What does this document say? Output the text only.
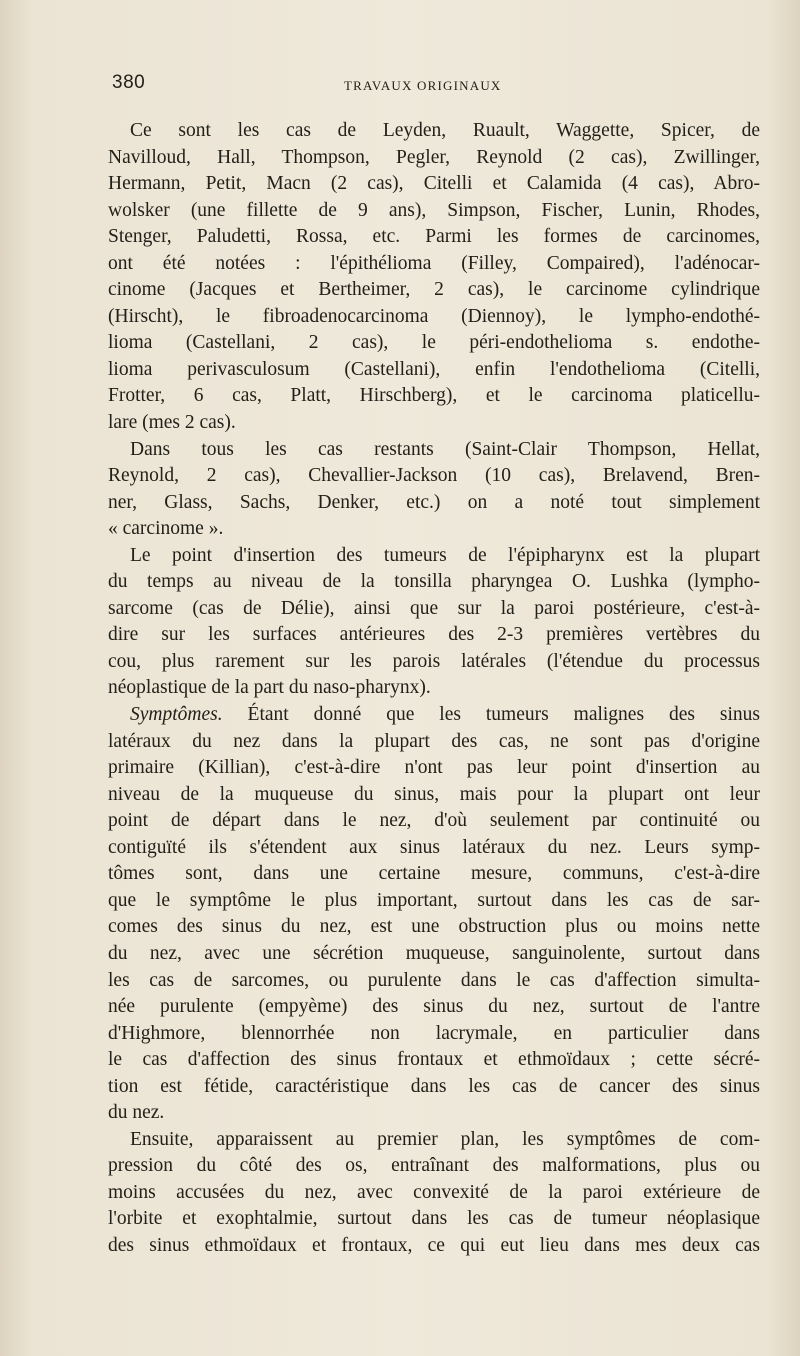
380	TRAVAUX ORIGINAUX
Ce sont les cas de Leyden, Ruault, Waggette, Spicer, de
Navilloud, Hall, Thompson, Pegler, Reynold (2 cas), Zwillinger,
Hermann, Petit, Macn (2 cas), Citelli et Calamida (4 cas), Abro-
wolsker (une fillette de 9 ans), Simpson, Fischer, Lunin, Rhodes,
Stenger, Paludetti, Rossa, etc. Parmi les formes de carcinomes,
ont été notées : l'épithélioma (Filley, Compaired), l'adénocar-
cinome (Jacques et Bertheimer, 2 cas), le carcinome cylindrique
(Hirscht), le fibroadenocarcinoma (Diennoy), le lympho-endothé-
lioma (Castellani, 2 cas), le péri-endothelioma s. endothe-
lioma perivasculosum (Castellani), enfin l'endothelioma (Citelli,
Frotter, 6 cas, Platt, Hirschberg), et le carcinoma platicellu-
lare (mes 2 cas).
Dans tous les cas restants (Saint-Clair Thompson, Hellat,
Reynold, 2 cas), Chevallier-Jackson (10 cas), Brelavend, Bren-
ner, Glass, Sachs, Denker, etc.) on a noté tout simplement
« carcinome ».
Le point d'insertion des tumeurs de l'épipharynx est la plupart
du temps au niveau de la tonsilla pharyngea O. Lushka (lympho-
sarcome (cas de Délie), ainsi que sur la paroi postérieure, c'est-à-
dire sur les surfaces antérieures des 2-3 premières vertèbres du
cou, plus rarement sur les parois latérales (l'étendue du processus
néoplastique de la part du naso-pharynx).
Symptômes. Étant donné que les tumeurs malignes des sinus
latéraux du nez dans la plupart des cas, ne sont pas d'origine
primaire (Killian), c'est-à-dire n'ont pas leur point d'insertion au
niveau de la muqueuse du sinus, mais pour la plupart ont leur
point de départ dans le nez, d'où seulement par continuité ou
contiguïté ils s'étendent aux sinus latéraux du nez. Leurs symp-
tômes sont, dans une certaine mesure, communs, c'est-à-dire
que le symptôme le plus important, surtout dans les cas de sar-
comes des sinus du nez, est une obstruction plus ou moins nette
du nez, avec une sécrétion muqueuse, sanguinolente, surtout dans
les cas de sarcomes, ou purulente dans le cas d'affection simulta-
née purulente (empyème) des sinus du nez, surtout de l'antre
d'Highmore, blennorrhée non lacrymale, en particulier dans
le cas d'affection des sinus frontaux et ethmoïdaux ; cette sécré-
tion est fétide, caractéristique dans les cas de cancer des sinus
du nez.
Ensuite, apparaissent au premier plan, les symptômes de com-
pression du côté des os, entraînant des malformations, plus ou
moins accusées du nez, avec convexité de la paroi extérieure de
l'orbite et exophtalmie, surtout dans les cas de tumeur néoplasique
des sinus ethmoïdaux et frontaux, ce qui eut lieu dans mes deux cas
